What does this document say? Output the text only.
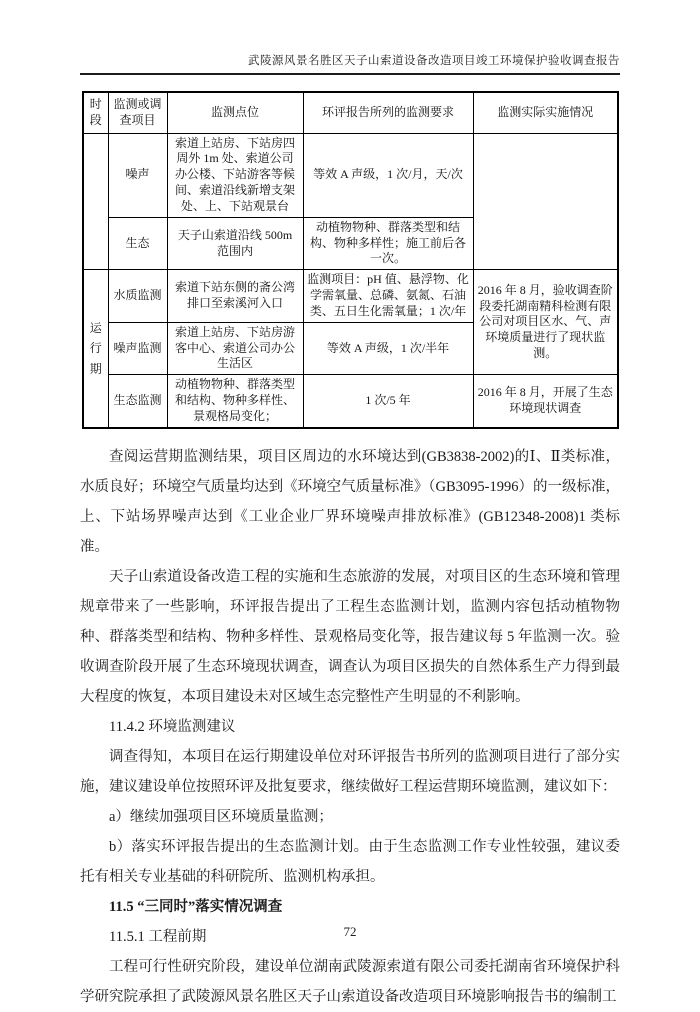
武陵源风景名胜区天子山索道设备改造项目竣工环境保护验收调查报告
时段	监测或调查项目	监测点位	环评报告所列的监测要求	监测实际实施情况
	噪声	索道上站房、下站房四周外 1m 处、索道公司办公楼、下站游客等候间、索道沿线新增支架处、上、下站观景台	等效 A 声级，1 次/月，天/次	
	生态	天子山索道沿线 500m 范围内	动植物物种、群落类型和结构、物种多样性；施工前后各一次。	
运行期	水质监测	索道下站东侧的斋公湾排口至索溪河入口	监测项目：pH 值、悬浮物、化学需氧量、总磷、氨氮、石油类、五日生化需氧量；1 次/年	2016 年 8 月，验收调查阶段委托湖南精科检测有限公司对项目区水、气、声环境质量进行了现状监测。
	噪声监测	索道上站房、下站房游客中心、索道公司办公生活区	等效 A 声级，1 次/半年	
	生态监测	动植物物种、群落类型和结构、物种多样性、景观格局变化；	1 次/5 年	2016 年 8 月，开展了生态环境现状调查

查阅运营期监测结果，项目区周边的水环境达到(GB3838-2002)的Ⅰ、Ⅱ类标准，水质良好；环境空气质量均达到《环境空气质量标准》（GB3095-1996）的一级标准，上、下站场界噪声达到《工业企业厂界环境噪声排放标准》(GB12348-2008)1 类标准。

天子山索道设备改造工程的实施和生态旅游的发展，对项目区的生态环境和管理规章带来了一些影响，环评报告提出了工程生态监测计划，监测内容包括动植物物种、群落类型和结构、物种多样性、景观格局变化等，报告建议每 5 年监测一次。验收调查阶段开展了生态环境现状调查，调查认为项目区损失的自然体系生产力得到最大程度的恢复，本项目建设未对区域生态完整性产生明显的不利影响。

11.4.2 环境监测建议

调查得知，本项目在运行期建设单位对环评报告书所列的监测项目进行了部分实施，建议建设单位按照环评及批复要求，继续做好工程运营期环境监测，建议如下：

a）继续加强项目区环境质量监测；

b）落实环评报告提出的生态监测计划。由于生态监测工作专业性较强，建议委托有相关专业基础的科研院所、监测机构承担。

11.5 “三同时”落实情况调查

11.5.1 工程前期

工程可行性研究阶段，建设单位湖南武陵源索道有限公司委托湖南省环境保护科学研究院承担了武陵源风景名胜区天子山索道设备改造项目环境影响报告书的编制工

72
